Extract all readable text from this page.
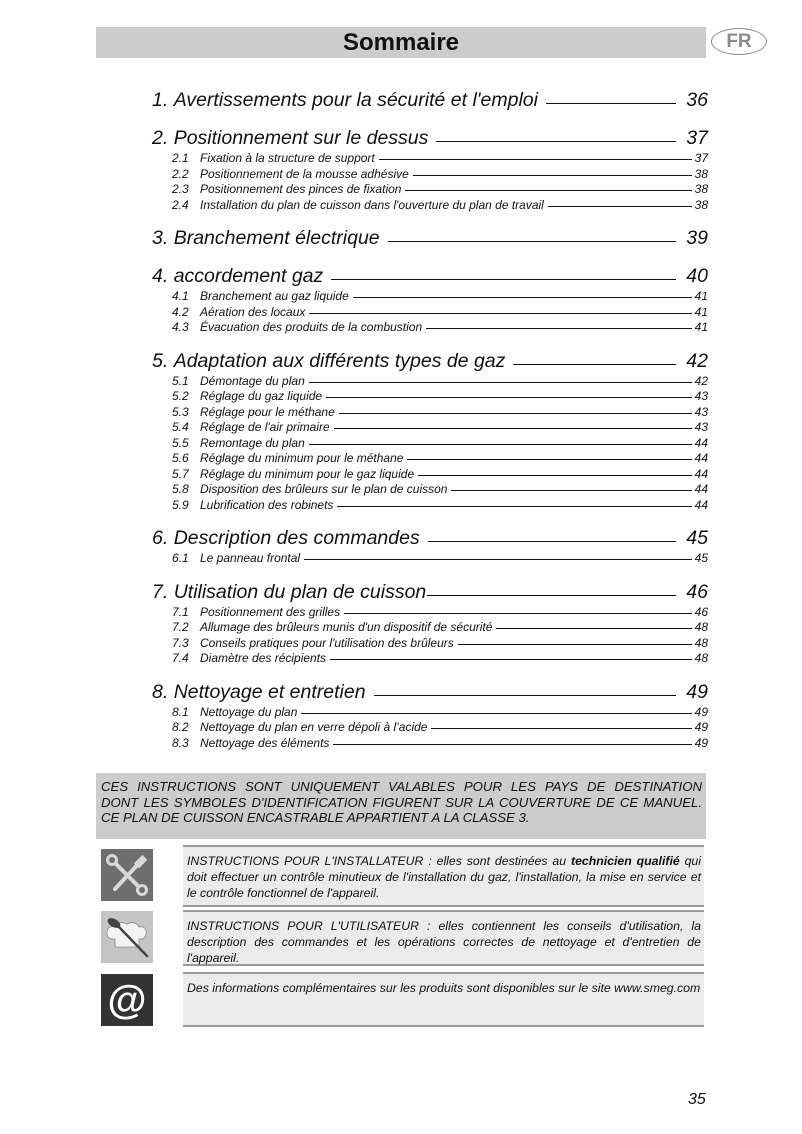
Sommaire	FR
1. Avertissements pour la sécurité et l'emploi	36
2. Positionnement sur le dessus	37
2.1 Fixation à la structure de support	37
2.2 Positionnement de la mousse adhésive	38
2.3 Positionnement des pinces de fixation	38
2.4 Installation du plan de cuisson dans l'ouverture du plan de travail	38
3. Branchement électrique	39
4. accordement gaz	40
4.1 Branchement au gaz liquide	41
4.2 Aération des locaux	41
4.3 Évacuation des produits de la combustion	41
5. Adaptation aux différents types de gaz	42
5.1 Démontage du plan	42
5.2 Réglage du gaz liquide	43
5.3 Réglage pour le méthane	43
5.4 Réglage de l'air primaire	43
5.5 Remontage du plan	44
5.6 Réglage du minimum pour le méthane	44
5.7 Réglage du minimum pour le gaz liquide	44
5.8 Disposition des brûleurs sur le plan de cuisson	44
5.9 Lubrification des robinets	44
6. Description des commandes	45
6.1 Le panneau frontal	45
7. Utilisation du plan de cuisson	46
7.1 Positionnement des grilles	46
7.2 Allumage des brûleurs munis d'un dispositif de sécurité	48
7.3 Conseils pratiques pour l'utilisation des brûleurs	48
7.4 Diamètre des récipients	48
8. Nettoyage et entretien	49
8.1 Nettoyage du plan	49
8.2 Nettoyage du plan en verre dépoli à l’acide	49
8.3 Nettoyage des éléments	49

CES INSTRUCTIONS SONT UNIQUEMENT VALABLES POUR LES PAYS DE DESTINATION

DONT LES SYMBOLES D'IDENTIFICATION FIGURENT SUR LA COUVERTURE DE CE MANUEL.

CE PLAN DE CUISSON ENCASTRABLE APPARTIENT A LA CLASSE 3.

INSTRUCTIONS POUR L'INSTALLATEUR : elles sont destinées au technicien qualifié qui doit effectuer un contrôle minutieux de l'installation du gaz, l'installation, la mise en service et le contrôle fonctionnel de l'appareil.
INSTRUCTIONS POUR L'UTILISATEUR : elles contiennent les conseils d'utilisation, la description des commandes et les opérations correctes de nettoyage et d'entretien de l'appareil.
@	Des informations complémentaires sur les produits sont disponibles sur le site www.smeg.com
35
